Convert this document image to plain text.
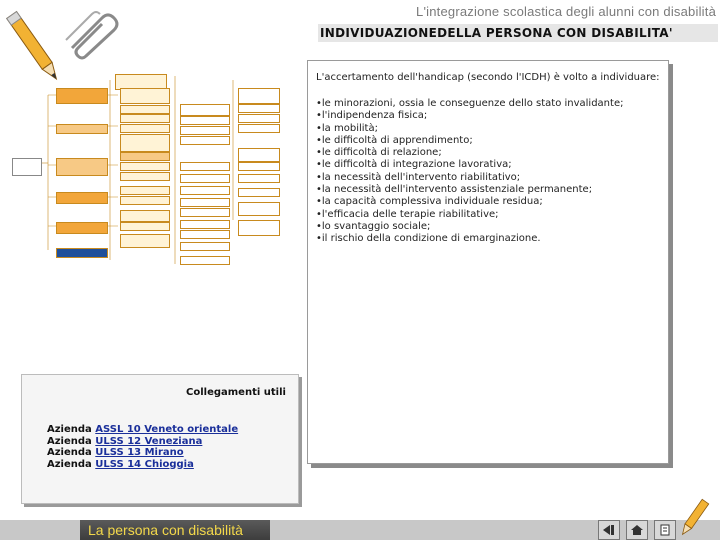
L'integrazione scolastica degli alunni con disabilità
INDIVIDUAZIONEDELLA PERSONA CON DISABILITA'
L'accertamento dell'handicap (secondo l'ICDH) è volto a individuare:
•le minorazioni, ossia le conseguenze dello stato invalidante;
•l'indipendenza fisica;
•la mobilità;
•le difficoltà di apprendimento;
•le difficoltà di relazione;
•le difficoltà di integrazione lavorativa;
•la necessità dell'intervento riabilitativo;
•la necessità dell'intervento assistenziale permanente;
•la capacità complessiva individuale residua;
•l'efficacia delle terapie riabilitative;
•lo svantaggio sociale;
•il rischio della condizione di emarginazione.
Collegamenti utili
Azienda ASSL 10 Veneto orientale
Azienda ULSS 12 Veneziana
Azienda ULSS 13 Mirano
Azienda ULSS 14 Chioggia
La persona con disabilità
